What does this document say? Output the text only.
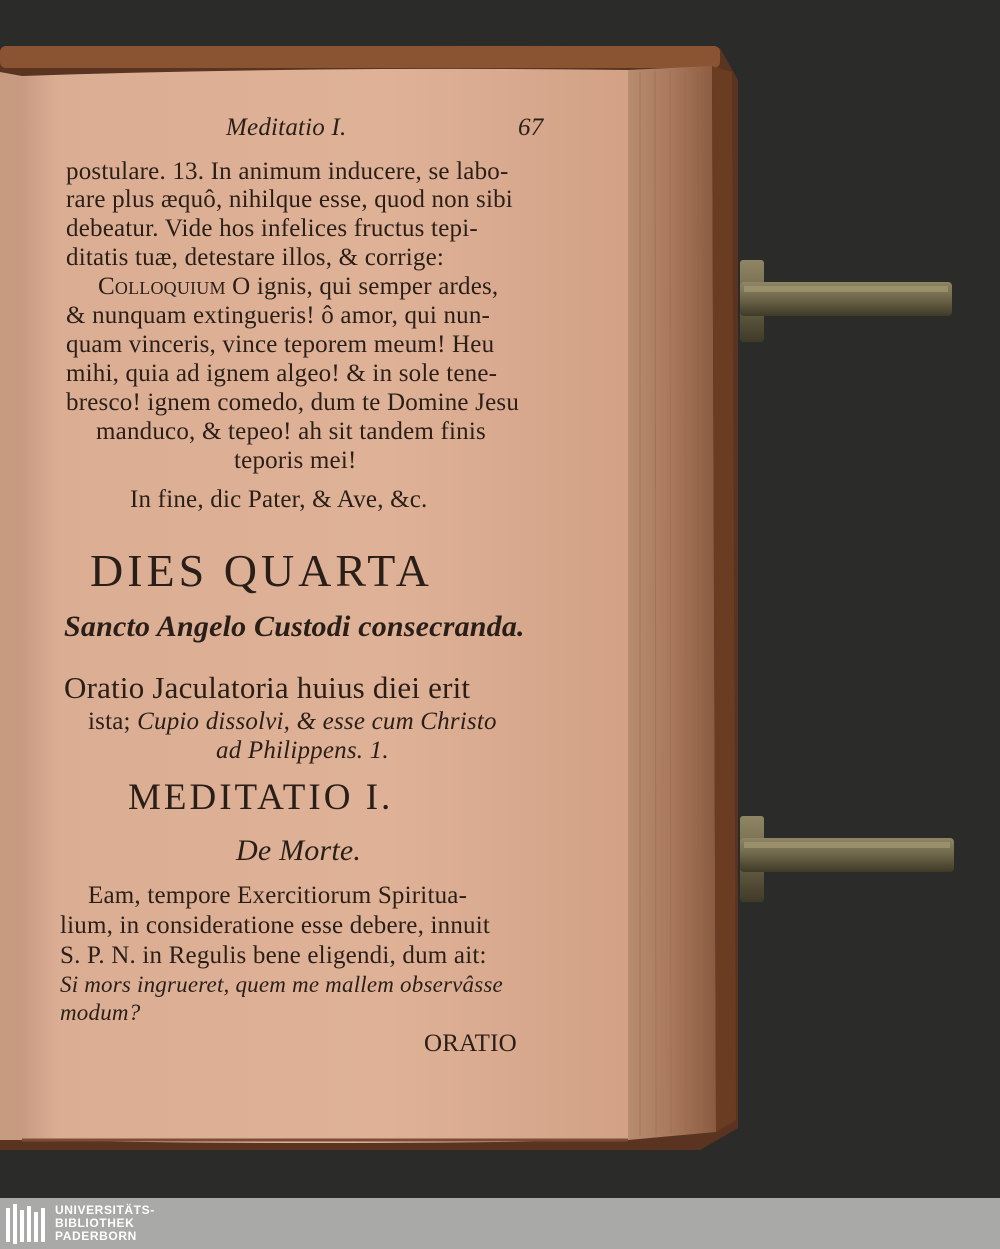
Meditatio I.	67
postulare. 13. In animum inducere, se labo-
rare plus æquô, nihilque esse, quod non sibi
debeatur. Vide hos infelices fructus tepi-
ditatis tuæ, detestare illos, & corrige:
Colloquium O ignis, qui semper ardes,
& nunquam extingueris! ô amor, qui nun-
quam vinceris, vince teporem meum! Heu
mihi, quia ad ignem algeo! & in sole tene-
bresco! ignem comedo, dum te Domine Jesu
manduco, & tepeo! ah sit tandem finis
teporis mei!
In fine, dic Pater, & Ave, &c.
DIES QUARTA
Sancto Angelo Custodi consecranda.
Oratio Jaculatoria huius diei erit
ista; Cupio dissolvi, & esse cum Christo
ad Philippens. 1.
MEDITATIO I.
De Morte.
Eam, tempore Exercitiorum Spiritua-
lium, in consideratione esse debere, innuit
S. P. N. in Regulis bene eligendi, dum ait:
Si mors ingrueret, quem me mallem observâsse
modum?
ORATIO
UNIVERSITÄTS-
BIBLIOTHEK
PADERBORN
